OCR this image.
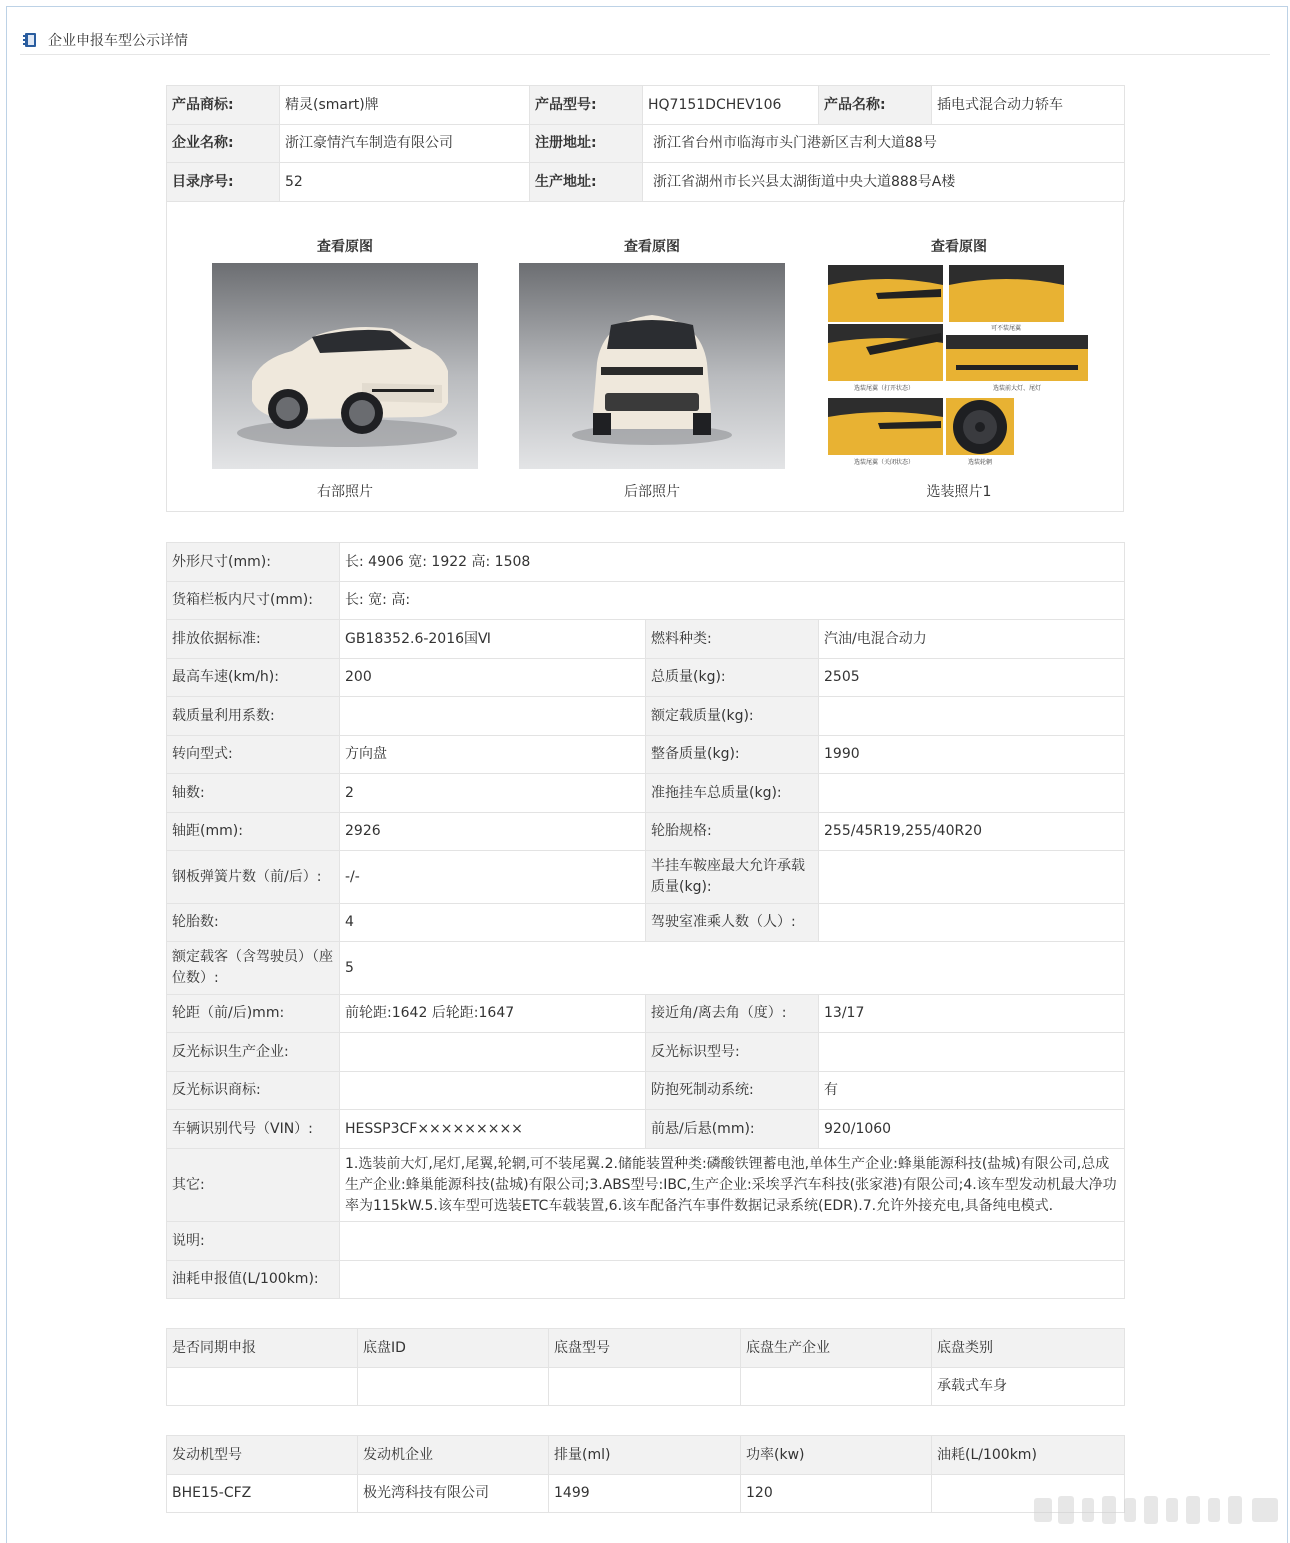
企业申报车型公示详情
产品商标:	精灵(smart)牌	产品型号:	HQ7151DCHEV106	产品名称:	插电式混合动力轿车
企业名称:	浙江豪情汽车制造有限公司	注册地址:	浙江省台州市临海市头门港新区吉利大道88号		
目录序号:	52	生产地址:	浙江省湖州市长兴县太湖街道中央大道888号A楼		
查看原图
右部照片
查看原图
后部照片
查看原图
可不装尾翼
选装尾翼（打开状态）	选装前大灯、尾灯
选装尾翼（关闭状态）	选装轮辋
选装照片1
外形尺寸(mm):	长: 4906 宽: 1922 高: 1508		
货箱栏板内尺寸(mm):	长: 宽: 高:		
排放依据标准:	GB18352.6-2016国Ⅵ	燃料种类:	汽油/电混合动力
最高车速(km/h):	200	总质量(kg):	2505
载质量利用系数:		额定载质量(kg):	
转向型式:	方向盘	整备质量(kg):	1990
轴数:	2	准拖挂车总质量(kg):	
轴距(mm):	2926	轮胎规格:	255/45R19,255/40R20
钢板弹簧片数（前/后）:	-/-	半挂车鞍座最大允许承载质量(kg):	
轮胎数:	4	驾驶室准乘人数（人）:	
额定载客（含驾驶员）（座位数）:	5		
轮距（前/后)mm:	前轮距:1642 后轮距:1647	接近角/离去角（度）:	13/17
反光标识生产企业:		反光标识型号:	
反光标识商标:		防抱死制动系统:	有
车辆识别代号（VIN）:	HESSP3CF×××××××××	前悬/后悬(mm):	920/1060
其它:	1.选装前大灯,尾灯,尾翼,轮辋,可不装尾翼.2.储能装置种类:磷酸铁锂蓄电池,单体生产企业:蜂巢能源科技(盐城)有限公司,总成生产企业:蜂巢能源科技(盐城)有限公司;3.ABS型号:IBC,生产企业:采埃孚汽车科技(张家港)有限公司;4.该车型发动机最大净功率为115kW.5.该车型可选装ETC车载装置,6.该车配备汽车事件数据记录系统(EDR).7.允许外接充电,具备纯电模式.		
说明:			
油耗申报值(L/100km):			
是否同期申报	底盘ID	底盘型号	底盘生产企业	底盘类别
				承载式车身
发动机型号	发动机企业	排量(ml)	功率(kw)	油耗(L/100km)
BHE15-CFZ	极光湾科技有限公司	1499	120	
